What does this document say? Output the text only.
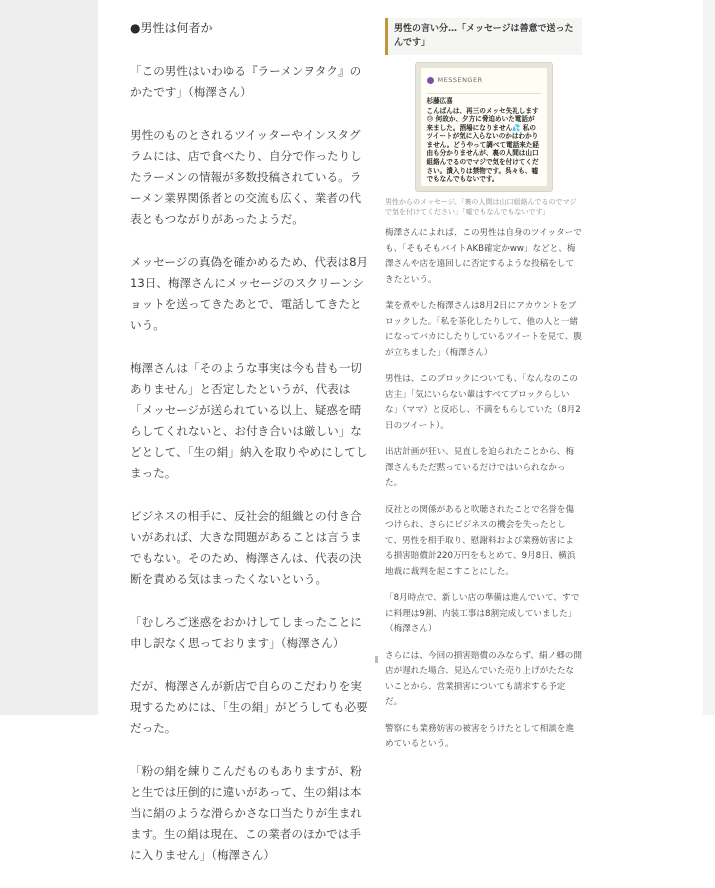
●男性は何者か

「この男性はいわゆる『ラーメンヲタク』のかたです」（梅澤さん）

男性のものとされるツイッターやインスタグラムには、店で食べたり、自分で作ったりしたラーメンの情報が多数投稿されている。ラーメン業界関係者との交流も広く、業者の代表ともつながりがあったようだ。

メッセージの真偽を確かめるため、代表は8月13日、梅澤さんにメッセージのスクリーンショットを送ってきたあとで、電話してきたという。

梅澤さんは「そのような事実は今も昔も一切ありません」と否定したというが、代表は「メッセージが送られている以上、疑惑を晴らしてくれないと、お付き合いは厳しい」などとして、「生の絹」納入を取りやめにしてしまった。

ビジネスの相手に、反社会的組織との付き合いがあれば、大きな問題があることは言うまでもない。そのため、梅澤さんは、代表の決断を責める気はまったくないという。

「むしろご迷惑をおかけしてしまったことに申し訳なく思っております」（梅澤さん）

だが、梅澤さんが新店で自らのこだわりを実現するためには、「生の絹」がどうしても必要だった。

「粉の絹を練りこんだものもありますが、粉と生では圧倒的に違いがあって、生の絹は本当に絹のような滑らかさな口当たりが生まれます。生の絹は現在、この業者のほかでは手に入りません」（梅澤さん）

男性の言い分…「メッセージは善意で送ったんです」
MESSENGER
杉藤広喜
こんばんは、再三のメッセ失礼します😓 何故か、夕方に脅迫めいた電話が来ました。酒場になりません💦 私のツイートが気に入らないのかはわかりません。どうやって調べて電話来た経由も分かりませんが、裏の人間は山口組絡んでるのでマジで気を付けてください。潰入りは禁物です。呉々も、嘘でもなんでもないです。
男性からのメッセージ。「裏の人間は山口組絡んでるのでマジで気を付けてください」「嘘でもなんでもないです」

梅澤さんによれば、この男性は自身のツイッターでも、「そもそもバイトAKB確定かww」などと、梅澤さんや店を遠回しに否定するような投稿をしてきたという。

業を煮やした梅澤さんは8月2日にアカウントをブロックした。「私を茶化したりして、他の人と一緒になってバカにしたりしているツイートを見て、腹が立ちました」（梅澤さん）

男性は、このブロックについても、「なんなのこの店主」「気にいらない輩はすべてブロックらしいな」（ママ）と反応し、不満をもらしていた（8月2日のツイート）。

出店計画が狂い、見直しを迫られたことから、梅澤さんもただ黙っているだけではいられなかった。

反社との関係があると吹聴されたことで名誉を傷つけられ、さらにビジネスの機会を失ったとして、男性を相手取り、慰謝料および業務妨害による損害賠償計220万円をもとめて、9月8日、横浜地裁に裁判を起こすことにした。

「8月時点で、新しい店の準備は進んでいて、すでに料理は9割、内装工事は8割完成していました」（梅澤さん）

さらには、今回の損害賠償のみならず、絹ノ郷の開店が遅れた場合、見込んでいた売り上げがたたないことから、営業損害についても請求する予定だ。

警察にも業務妨害の被害をうけたとして相談を進めているという。
